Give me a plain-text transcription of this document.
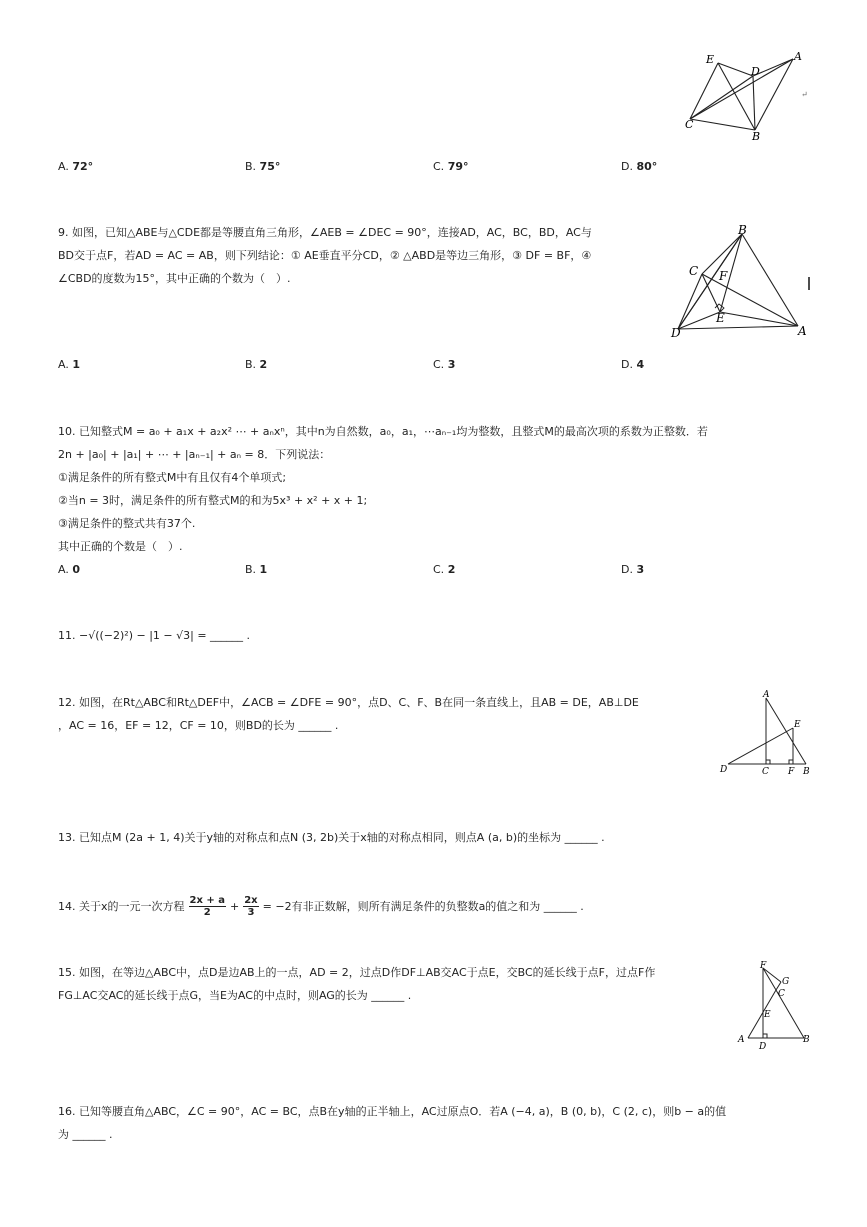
E
D
A
C
B
↵
A. 72°	B. 75°	C. 79°	D. 80°
9. 如图，已知△ABE与△CDE都是等腰直角三角形，∠AEB = ∠DEC = 90°，连接AD，AC，BC，BD，AC与
BD交于点F，若AD = AC = AB，则下列结论：① AE垂直平分CD，② △ABD是等边三角形，③ DF = BF，④
∠CBD的度数为15°，其中正确的个数为（　）.
B
C F
E
D	A
A. 1	B. 2	C. 3	D. 4
10. 已知整式M = a₀ + a₁x + a₂x² ⋯ + aₙxⁿ，其中n为自然数，a₀，a₁，⋯aₙ₋₁均为整数，且整式M的最高次项的系数为正整数．若
2n + |a₀| + |a₁| + ⋯ + |aₙ₋₁| + aₙ = 8．下列说法：
①满足条件的所有整式M中有且仅有4个单项式;
②当n = 3时，满足条件的所有整式M的和为5x³ + x² + x + 1;
③满足条件的整式共有37个.
其中正确的个数是（　）.
A. 0	B. 1	C. 2	D. 3
11. −√((−2)²) − |1 − √3| = ______ .
12. 如图，在Rt△ABC和Rt△DEF中，∠ACB = ∠DFE = 90°，点D、C、F、B在同一条直线上，且AB = DE，AB⊥DE
，AC = 16，EF = 12，CF = 10，则BD的长为 ______ .
A
E
D	C F B
13. 已知点M (2a + 1, 4)关于y轴的对称点和点N (3, 2b)关于x轴的对称点相同，则点A (a, b)的坐标为 ______ .
14. 关于x的一元一次方程 $\frac{2x + a}{2} + \frac{2x}{3} = -2$有非正数解，则所有满足条件的负整数a的值之和为 ______ .
15. 如图，在等边△ABC中，点D是边AB上的一点，AD = 2，过点D作DF⊥AB交AC于点E，交BC的延长线于点F，过点F作
FG⊥AC交AC的延长线于点G，当E为AC的中点时，则AG的长为 ______ .
F
G
C
E
A
D
B
16. 已知等腰直角△ABC，∠C = 90°，AC = BC，点B在y轴的正半轴上，AC过原点O．若A (−4, a)，B (0, b)，C (2, c)，则b − a的值
为 ______ .
